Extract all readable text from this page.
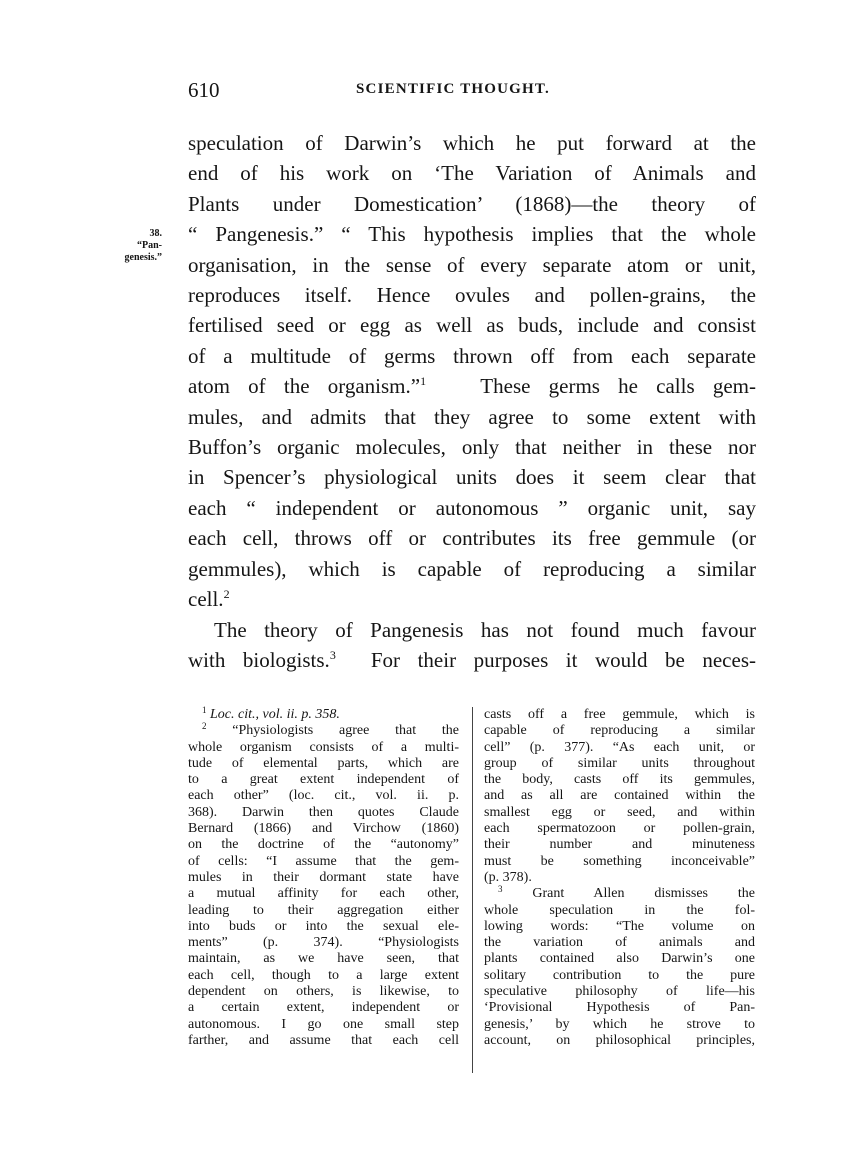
610	SCIENTIFIC THOUGHT.
38.
“Pan-
genesis.”
speculation of Darwin’s which he put forward at the
end of his work on ‘The Variation of Animals and
Plants under Domestication’ (1868)—the theory of
“ Pangenesis.” “ This hypothesis implies that the whole
organisation, in the sense of every separate atom or unit,
reproduces itself. Hence ovules and pollen-grains, the
fertilised seed or egg as well as buds, include and consist
of a multitude of germs thrown off from each separate
atom of the organism.”$^1$	These germs he calls gem-
mules, and admits that they agree to some extent with
Buffon’s organic molecules, only that neither in these nor
in Spencer’s physiological units does it seem clear that
each “ independent or autonomous ” organic unit, say
each cell, throws off or contributes its free gemmule (or
gemmules), which is capable of reproducing a similar
cell.$^2$
The theory of Pangenesis has not found much favour
with biologists.$^3$ For their purposes it would be neces-
$^1$ Loc. cit., vol. ii. p. 358.
$^2$ “Physiologists agree that the
whole organism consists of a multi-
tude of elemental parts, which are
to a great extent independent of
each other” (loc. cit., vol. ii. p.
368). Darwin then quotes Claude
Bernard (1866) and Virchow (1860)
on the doctrine of the “autonomy”
of cells: “I assume that the gem-
mules in their dormant state have
a mutual affinity for each other,
leading to their aggregation either
into buds or into the sexual ele-
ments” (p. 374). “Physiologists
maintain, as we have seen, that
each cell, though to a large extent
dependent on others, is likewise, to
a certain extent, independent or
autonomous. I go one small step
farther, and assume that each cell
casts off a free gemmule, which is
capable of reproducing a similar
cell” (p. 377). “As each unit, or
group of similar units throughout
the body, casts off its gemmules,
and as all are contained within the
smallest egg or seed, and within
each spermatozoon or pollen-grain,
their number and minuteness
must be something inconceivable”
(p. 378).
$^3$ Grant Allen dismisses the
whole speculation in the fol-
lowing words: “The volume on
the variation of animals and
plants contained also Darwin’s one
solitary contribution to the pure
speculative philosophy of life—his
‘Provisional Hypothesis of Pan-
genesis,’ by which he strove to
account, on philosophical principles,
